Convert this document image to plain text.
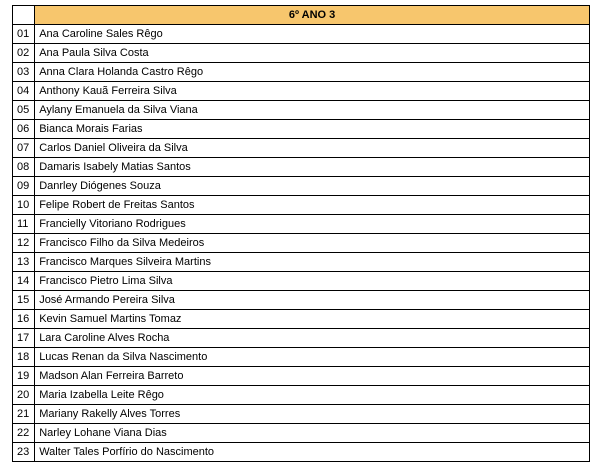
	6º ANO 3
01	Ana Caroline Sales Rêgo
02	Ana Paula Silva Costa
03	Anna Clara Holanda Castro Rêgo
04	Anthony Kauã Ferreira Silva
05	Aylany Emanuela da Silva Viana
06	Bianca Morais Farias
07	Carlos Daniel Oliveira da Silva
08	Damaris Isabely Matias Santos
09	Danrley Diógenes Souza
10	Felipe Robert de Freitas Santos
11	Francielly Vitoriano Rodrigues
12	Francisco Filho da Silva Medeiros
13	Francisco Marques Silveira Martins
14	Francisco Pietro Lima Silva
15	José Armando Pereira Silva
16	Kevin Samuel Martins Tomaz
17	Lara Caroline Alves Rocha
18	Lucas Renan da Silva Nascimento
19	Madson Alan Ferreira Barreto
20	Maria Izabella Leite Rêgo
21	Mariany Rakelly Alves Torres
22	Narley Lohane Viana Dias
23	Walter Tales Porfírio do Nascimento
